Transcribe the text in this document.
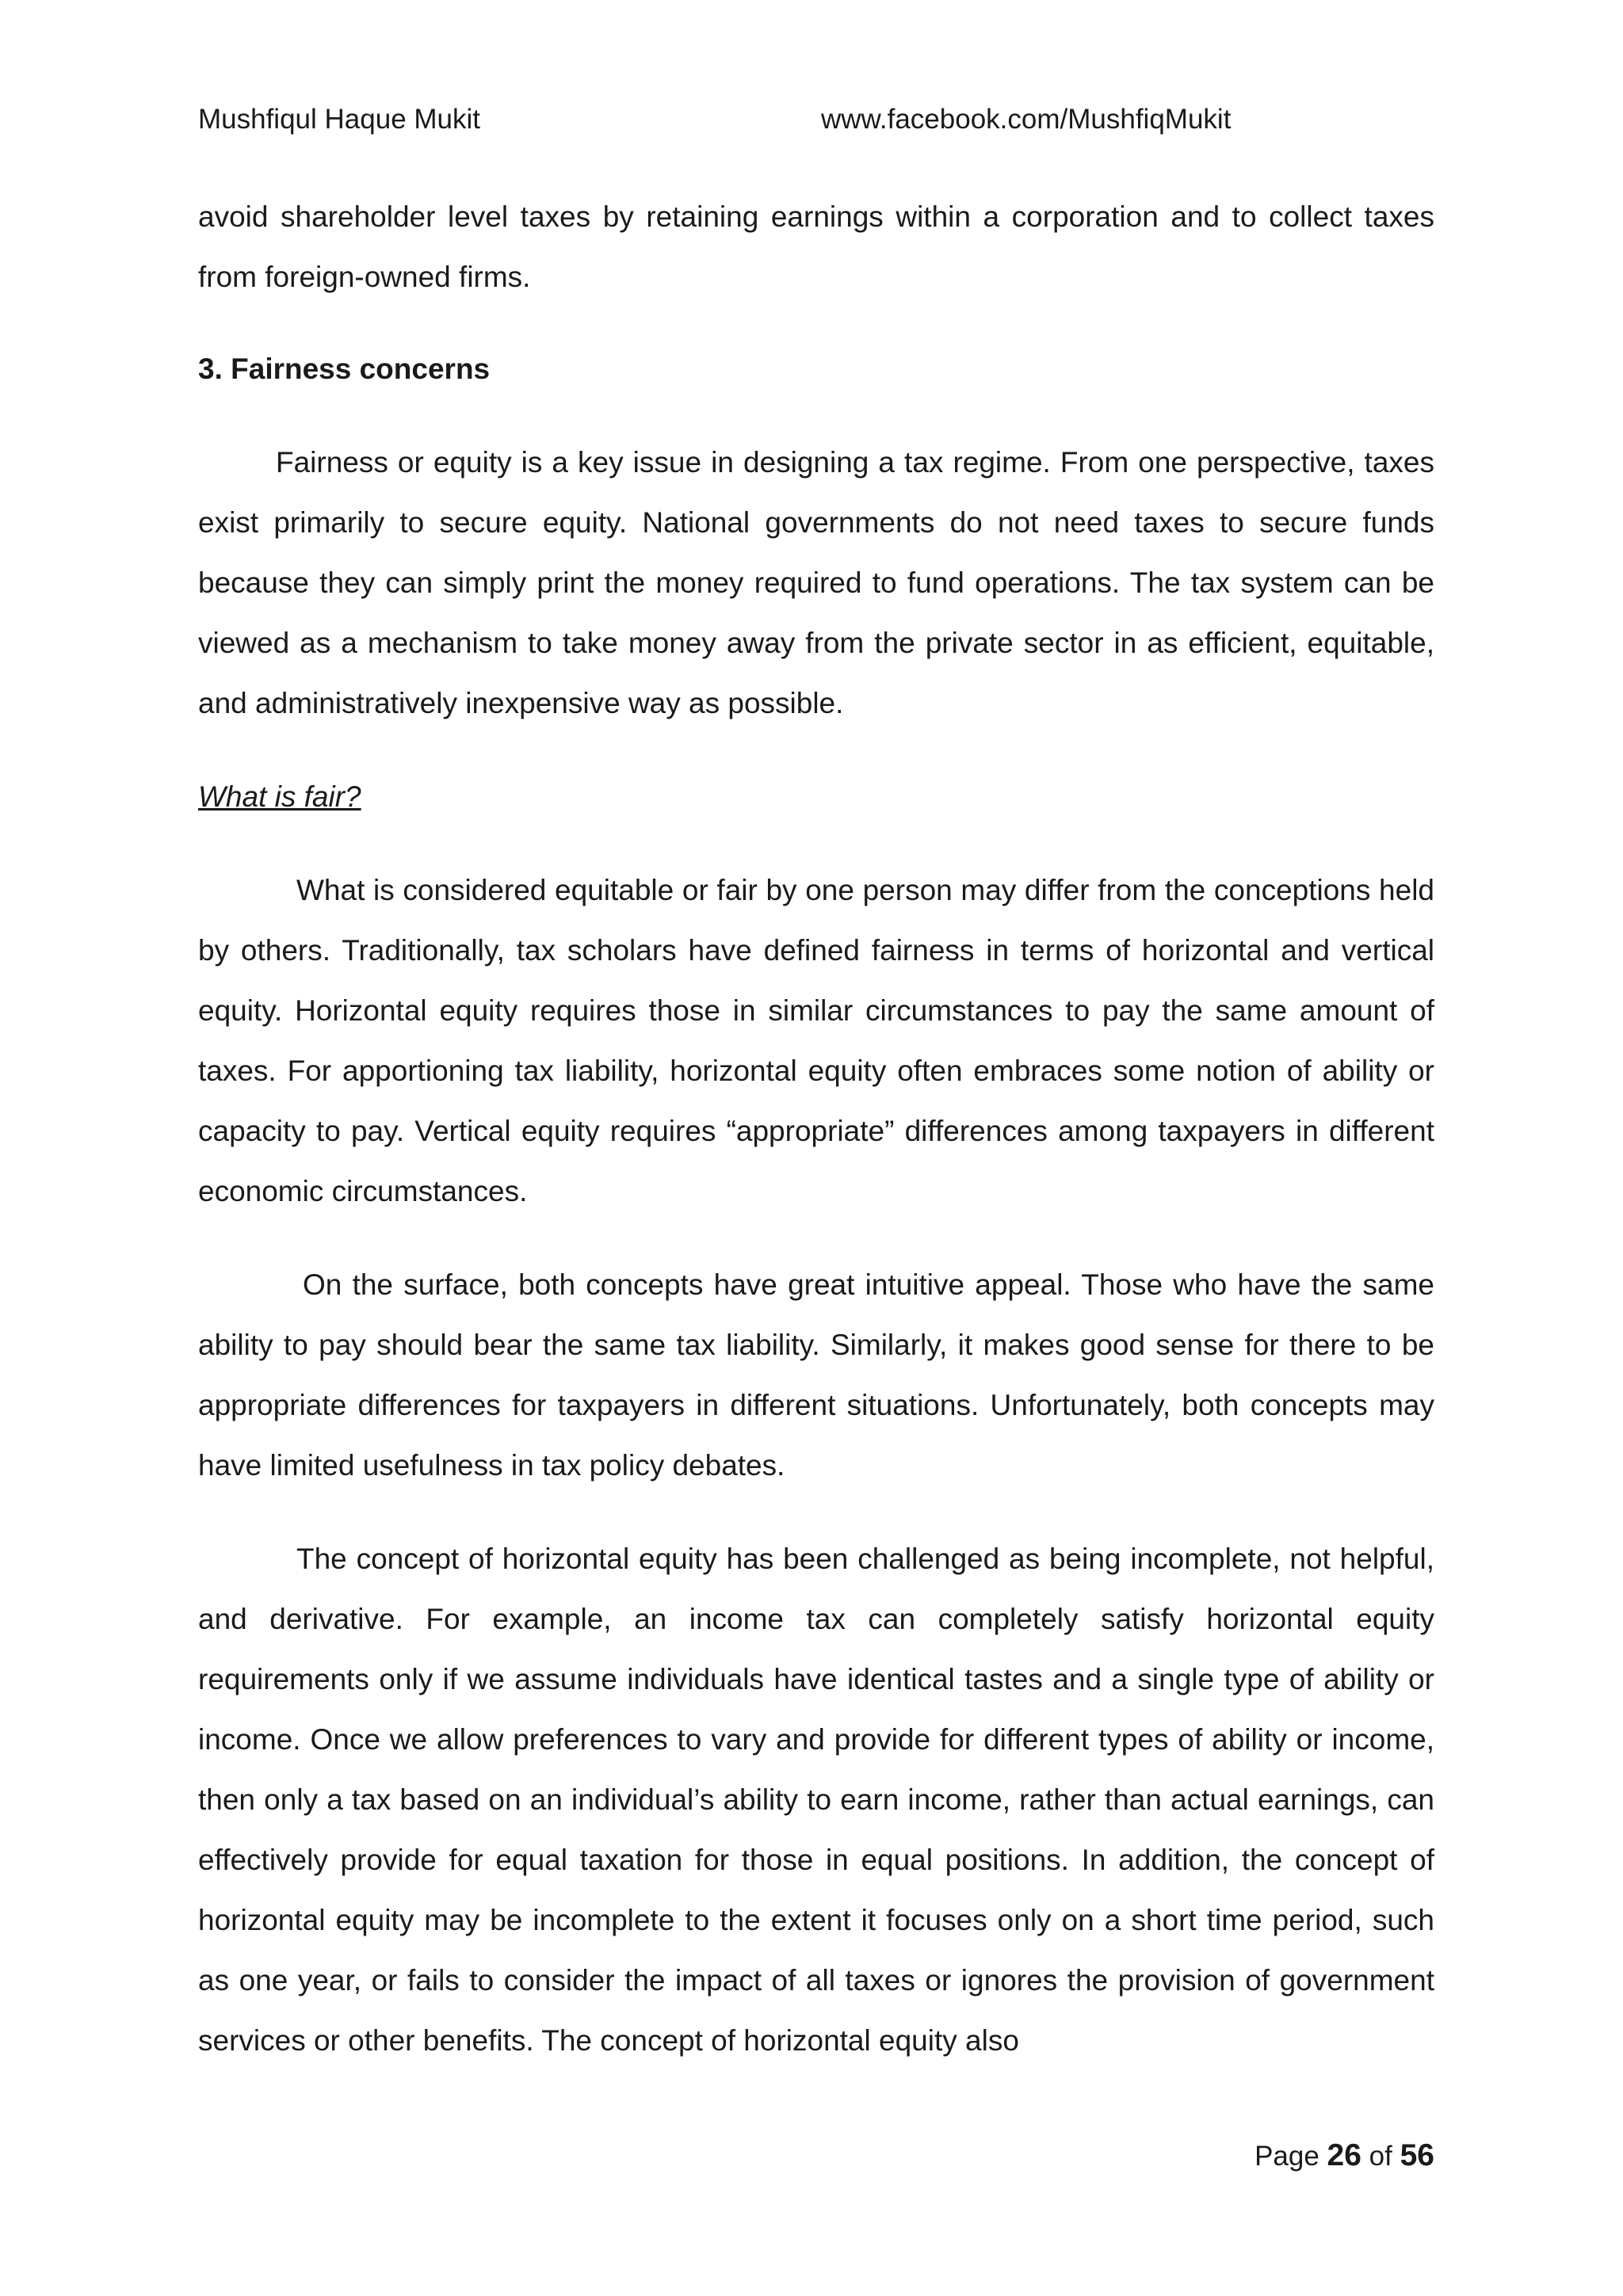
Mushfiqul Haque Mukit	www.facebook.com/MushfiqMukit

avoid shareholder level taxes by retaining earnings within a corporation and to collect taxes from foreign-owned firms.

3. Fairness concerns

Fairness or equity is a key issue in designing a tax regime. From one perspective, taxes exist primarily to secure equity. National governments do not need taxes to secure funds because they can simply print the money required to fund operations. The tax system can be viewed as a mechanism to take money away from the private sector in as efficient, equitable, and administratively inexpensive way as possible.

What is fair?

What is considered equitable or fair by one person may differ from the conceptions held by others. Traditionally, tax scholars have defined fairness in terms of horizontal and vertical equity. Horizontal equity requires those in similar circumstances to pay the same amount of taxes. For apportioning tax liability, horizontal equity often embraces some notion of ability or capacity to pay. Vertical equity requires “appropriate” differences among taxpayers in different economic circumstances.

On the surface, both concepts have great intuitive appeal. Those who have the same ability to pay should bear the same tax liability. Similarly, it makes good sense for there to be appropriate differences for taxpayers in different situations. Unfortunately, both concepts may have limited usefulness in tax policy debates.

The concept of horizontal equity has been challenged as being incomplete, not helpful, and derivative. For example, an income tax can completely satisfy horizontal equity requirements only if we assume individuals have identical tastes and a single type of ability or income. Once we allow preferences to vary and provide for different types of ability or income, then only a tax based on an individual’s ability to earn income, rather than actual earnings, can effectively provide for equal taxation for those in equal positions. In addition, the concept of horizontal equity may be incomplete to the extent it focuses only on a short time period, such as one year, or fails to consider the impact of all taxes or ignores the provision of government services or other benefits. The concept of horizontal equity also

Page 26 of 56
